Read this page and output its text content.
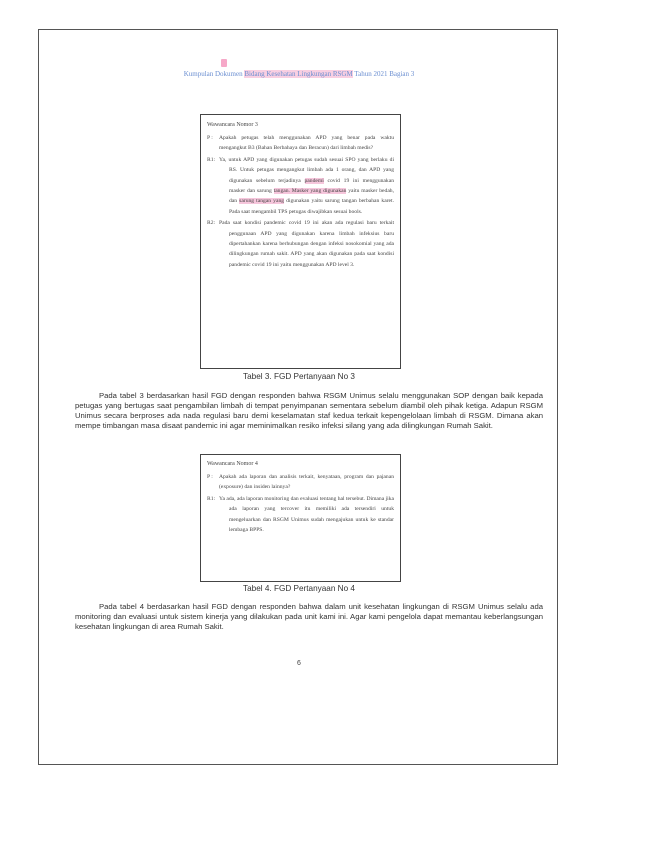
Kumpulan Dokumen Bidang Kesehatan Lingkungan RSGM Tahun 2021 Bagian 3
Wawancara Nomor 3
P :	Apakah petugas telah menggunakan APD yang benar pada waktu mengangkut B3 (Bahan Berbahaya dan Beracun) dari limbah medis?
R1: Ya, untuk APD yang digunakan petugas sudah sesuai SPO yang berlaku di RS. Untuk petugas mengangkut limbah ada 1 orang, dan APD yang digunakan sebelum terjadinya pandemi covid 19 ini menggunakan masker dan sarung tangan. Masker yang digunakan yaitu masker bedah, dan sarung tangan yang digunakan yaitu sarung tangan berbahan karet. Pada saat mengambil TPS petugas diwajibkan sesuai bools.
R2: Pada saat kondisi pandemic covid 19 ini akan ada regulasi baru terkait penggunaan APD yang digunakan karena limbah infeksius baru dipertahankan karena berhubungan dengan infeksi nosokomial yang ada dilingkungan rumah sakit. APD yang akan digunakan pada saat kondisi pandemic covid 19 ini yaitu menggunakan APD level 3.
Tabel 3. FGD Pertanyaan No 3

Pada tabel 3 berdasarkan hasil FGD dengan responden bahwa RSGM Unimus selalu menggunakan SOP dengan baik kepada petugas yang bertugas saat pengambilan limbah di tempat penyimpanan sementara sebelum diambil oleh pihak ketiga. Adapun RSGM Unimus secara berproses ada nada regulasi baru demi keselamatan staf kedua terkait kepengelolaan limbah di RSGM. Dimana akan mempe timbangan masa disaat pandemic ini agar meminimalkan resiko infeksi silang yang ada dilingkungan Rumah Sakit.

Wawancara Nomor 4
P :	Apakah ada laporan dan analisis terkait, kenyataan, program dan pajanan (exposure) dan insiden lainnya?
R1: Ya ada, ada laporan monitoring dan evaluasi tentang hal tersebut. Dimana jika ada laporan yang tercover itu memiliki ada tersendiri untuk mengeluarkan dan RSGM Unimus sudah mengajukan untuk ke standar lembaga BPPS.
Tabel 4. FGD Pertanyaan No 4

Pada tabel 4 berdasarkan hasil FGD dengan responden bahwa dalam unit kesehatan lingkungan di RSGM Unimus selalu ada monitoring dan evaluasi untuk sistem kinerja yang dilakukan pada unit kami ini. Agar kami pengelola dapat memantau keberlangsungan kesehatan lingkungan di area Rumah Sakit.

6
